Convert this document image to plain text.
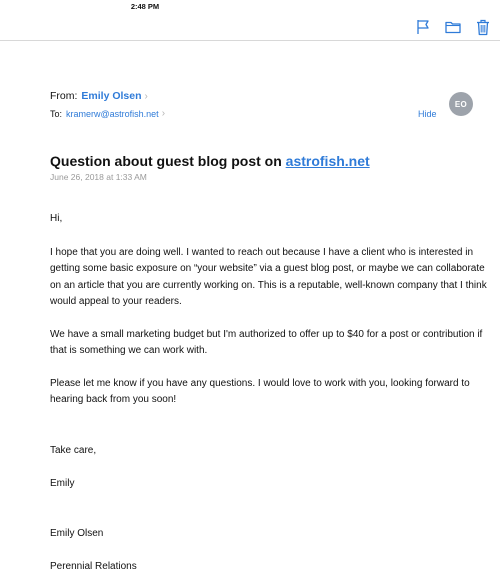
2:48 PM
From: Emily Olsen ›
To: kramerw@astrofish.net ›	Hide
EO
Question about guest blog post on astrofish.net
June 26, 2018 at 1:33 AM

Hi,

I hope that you are doing well. I wanted to reach out because I have a client who is interested in getting some basic exposure on “your website” via a guest blog post, or maybe we can collaborate on an article that you are currently working on. This is a reputable, well-known company that I think would appeal to your readers.

We have a small marketing budget but I'm authorized to offer up to $40 for a post or contribution if that is something we can work with.

Please let me know if you have any questions. I would love to work with you, looking forward to hearing back from you soon!

Take care,

Emily

Emily Olsen

Perennial Relations
